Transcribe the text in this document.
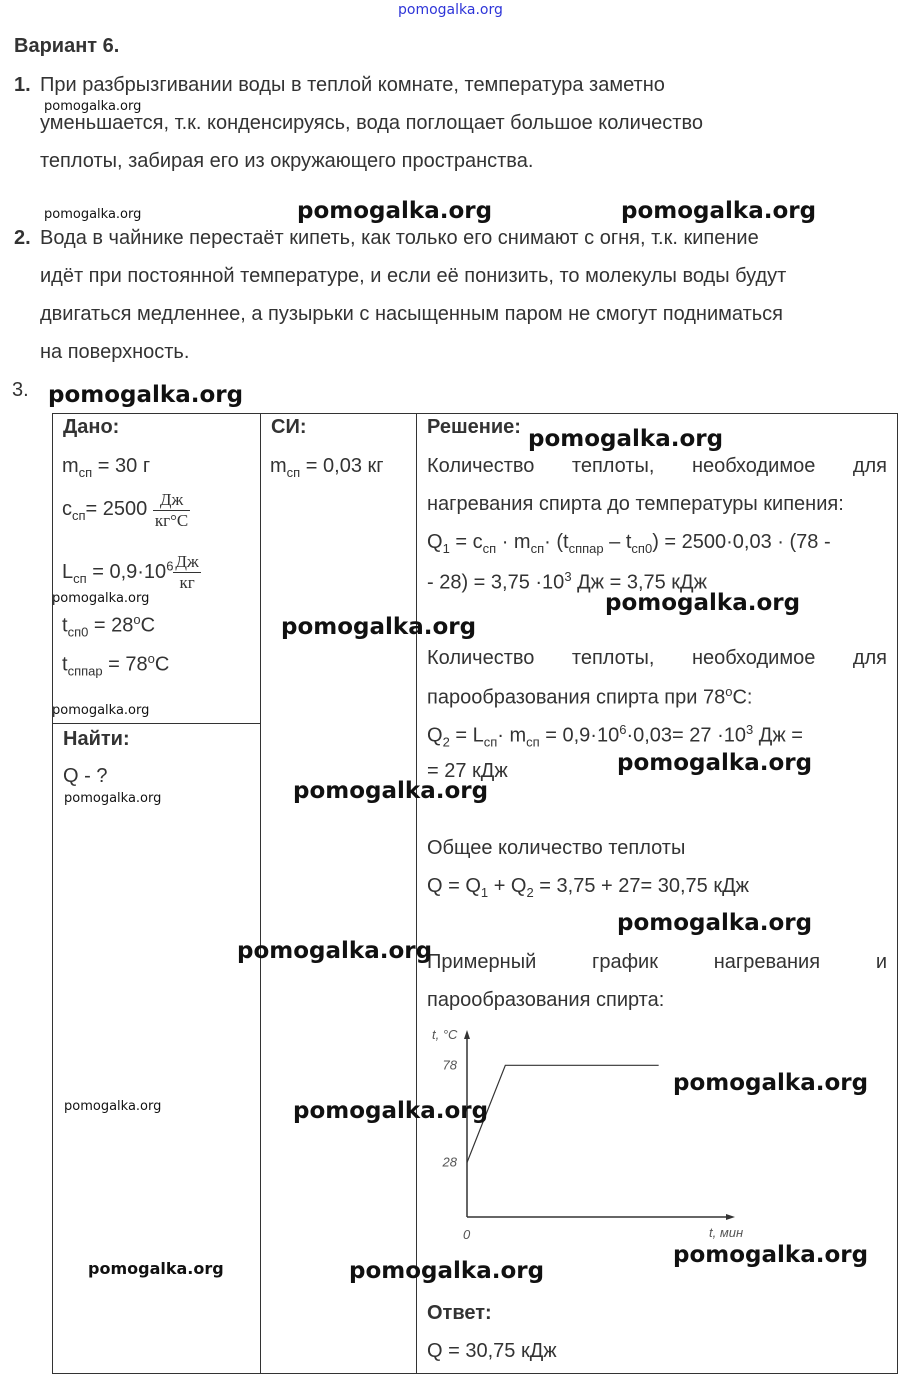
pomogalka.org
Вариант 6.
1. При разбрызгивании воды в теплой комнате, температура заметно
уменьшается, т.к. конденсируясь, вода поглощает большое количество
теплоты, забирая его из окружающего пространства.
2. Вода в чайнике перестаёт кипеть, как только его снимают с огня, т.к. кипение
идёт при постоянной температуре, и если её понизить, то молекулы воды будут
двигаться медленнее, а пузырьки с насыщенным паром не смогут подниматься
на поверхность.
3.
Дано:
$m_{сп} = 30$ г
$c_{сп}= 2500 \frac{Дж}{кг^\circ C}$
$L_{сп} = 0,9\cdot 10^6 \frac{Дж}{кг}$
$t_{сп0} = 28^oC$
$t_{сппар} = 78^oC$
Найти:
Q - ?
СИ:
$m_{сп} = 0,03$ кг
Решение:
Количество теплоты, необходимое для
нагревания спирта до температуры кипения:
$Q_1 = c_{сп} \cdot m_{сп}\cdot (t_{сппар} - t_{сп0}) = 2500\cdot 0,03 \cdot (78$ -
- $28) = 3,75 \cdot 10^3$ Дж = 3,75 кДж
Количество теплоты, необходимое для
парообразования спирта при 78$^o$C:
$Q_2 = L_{сп}\cdot m_{сп} = 0,9\cdot 10^6\cdot 0,03= 27 \cdot 10^3$ Дж =
= 27 кДж
Общее количество теплоты
$Q = Q_1 + Q_2 = 3,75 + 27= 30,75$ кДж
Примерный	график	нагревания	и
парообразования спирта:
t, °C
t, мин
0
78
28
Ответ:
Q = 30,75 кДж
pomogalka.org
pomogalka.org	pomogalka.org	pomogalka.org
pomogalka.org
pomogalka.org
pomogalka.org
pomogalka.org
pomogalka.org
pomogalka.org
pomogalka.org
pomogalka.org
pomogalka.org
pomogalka.org
pomogalka.org
pomogalka.org
pomogalka.org	pomogalka.org
pomogalka.org
pomogalka.org	pomogalka.org
